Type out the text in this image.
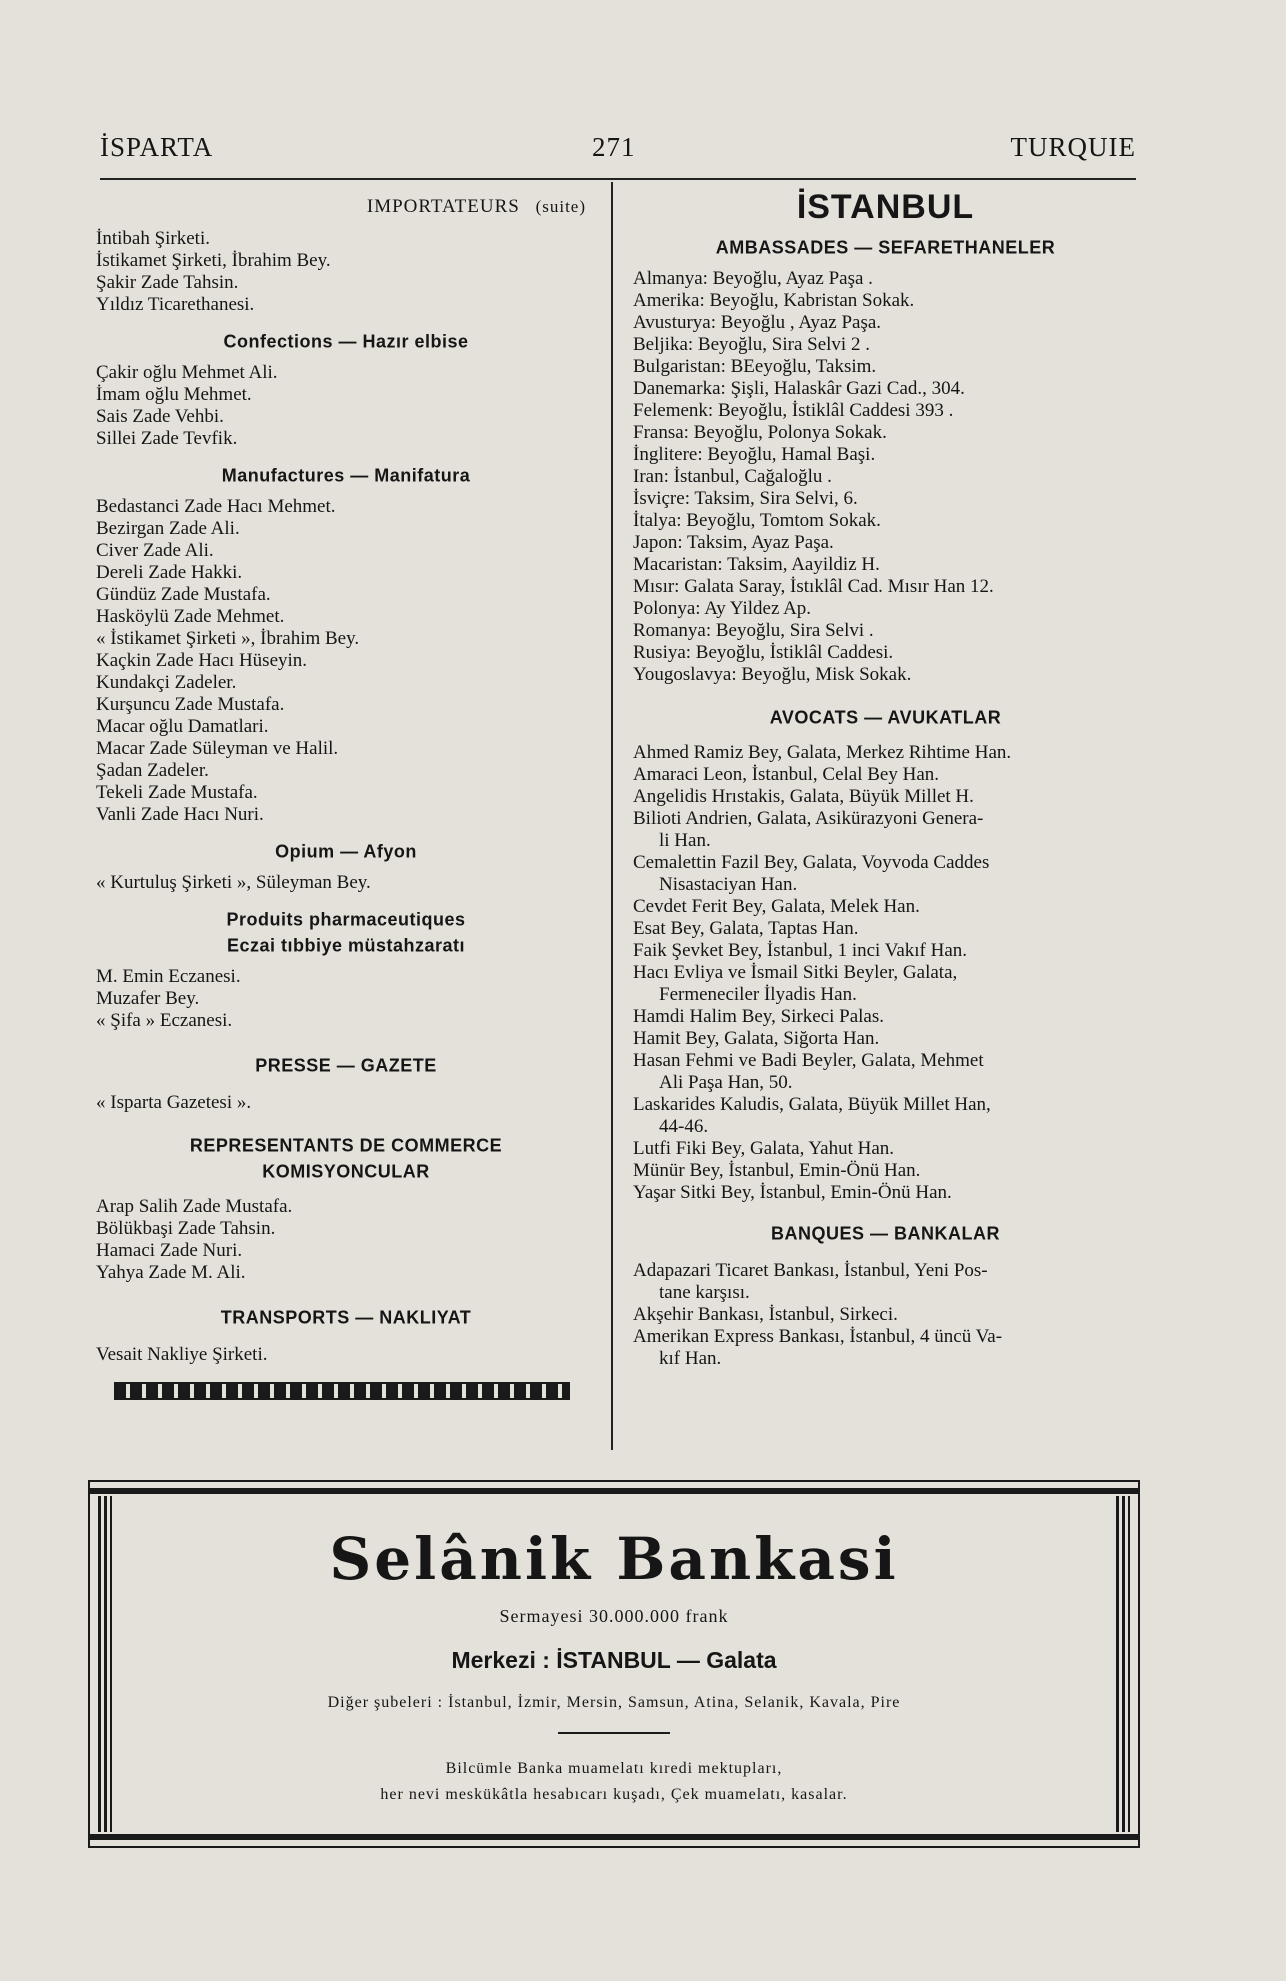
İSPARTA	271	TURQUIE
IMPORTATEURS (suite)
İntibah Şirketi.
İstikamet Şirketi, İbrahim Bey.
Şakir Zade Tahsin.
Yıldız Ticarethanesi.
Confections — Hazır elbise
Çakir oğlu Mehmet Ali.
İmam oğlu Mehmet.
Sais Zade Vehbi.
Sillei Zade Tevfik.
Manufactures — Manifatura
Bedastanci Zade Hacı Mehmet.
Bezirgan Zade Ali.
Civer Zade Ali.
Dereli Zade Hakki.
Gündüz Zade Mustafa.
Hasköylü Zade Mehmet.
« İstikamet Şirketi », İbrahim Bey.
Kaçkin Zade Hacı Hüseyin.
Kundakçi Zadeler.
Kurşuncu Zade Mustafa.
Macar oğlu Damatlari.
Macar Zade Süleyman ve Halil.
Şadan Zadeler.
Tekeli Zade Mustafa.
Vanli Zade Hacı Nuri.
Opium — Afyon
« Kurtuluş Şirketi », Süleyman Bey.
Produits pharmaceutiques
Eczai tıbbiye müstahzaratı
M. Emin Eczanesi.
Muzafer Bey.
« Şifa » Eczanesi.
PRESSE — GAZETE
« Isparta Gazetesi ».
REPRESENTANTS DE COMMERCE
KOMISYONCULAR
Arap Salih Zade Mustafa.
Bölükbaşi Zade Tahsin.
Hamaci Zade Nuri.
Yahya Zade M. Ali.
TRANSPORTS — NAKLIYAT
Vesait Nakliye Şirketi.
İSTANBUL
AMBASSADES — SEFARETHANELER
Almanya: Beyoğlu, Ayaz Paşa .
Amerika: Beyoğlu, Kabristan Sokak.
Avusturya: Beyoğlu , Ayaz Paşa.
Beljika: Beyoğlu, Sira Selvi 2 .
Bulgaristan: BEeyoğlu, Taksim.
Danemarka: Şişli, Halaskâr Gazi Cad., 304.
Felemenk: Beyoğlu, İstiklâl Caddesi 393 .
Fransa: Beyoğlu, Polonya Sokak.
İnglitere: Beyoğlu, Hamal Başi.
Iran: İstanbul, Cağaloğlu .
İsviçre: Taksim, Sira Selvi, 6.
İtalya: Beyoğlu, Tomtom Sokak.
Japon: Taksim, Ayaz Paşa.
Macaristan: Taksim, Aayildiz H.
Mısır: Galata Saray, İstıklâl Cad. Mısır Han 12.
Polonya: Ay Yildez Ap.
Romanya: Beyoğlu, Sira Selvi .
Rusiya: Beyoğlu, İstiklâl Caddesi.
Yougoslavya: Beyoğlu, Misk Sokak.
AVOCATS — AVUKATLAR
Ahmed Ramiz Bey, Galata, Merkez Rihtime Han.
Amaraci Leon, İstanbul, Celal Bey Han.
Angelidis Hrıstakis, Galata, Büyük Millet H.
Bilioti Andrien, Galata, Asikürazyoni Genera-
li Han.
Cemalettin Fazil Bey, Galata, Voyvoda Caddes
Nisastaciyan Han.
Cevdet Ferit Bey, Galata, Melek Han.
Esat Bey, Galata, Taptas Han.
Faik Şevket Bey, İstanbul, 1 inci Vakıf Han.
Hacı Evliya ve İsmail Sitki Beyler, Galata,
Fermeneciler İlyadis Han.
Hamdi Halim Bey, Sirkeci Palas.
Hamit Bey, Galata, Siğorta Han.
Hasan Fehmi ve Badi Beyler, Galata, Mehmet
Ali Paşa Han, 50.
Laskarides Kaludis, Galata, Büyük Millet Han,
44-46.
Lutfi Fiki Bey, Galata, Yahut Han.
Münür Bey, İstanbul, Emin-Önü Han.
Yaşar Sitki Bey, İstanbul, Emin-Önü Han.
BANQUES — BANKALAR
Adapazari Ticaret Bankası, İstanbul, Yeni Pos-
tane karşısı.
Akşehir Bankası, İstanbul, Sirkeci.
Amerikan Express Bankası, İstanbul, 4 üncü Va-
kıf Han.
Selânik Bankasi
Sermayesi 30.000.000 frank
Merkezi : İSTANBUL — Galata
Diğer şubeleri : İstanbul, İzmir, Mersin, Samsun, Atina, Selanik, Kavala, Pire
Bilcümle Banka muamelatı kıredi mektupları,
her nevi meskükâtla hesabıcarı kuşadı, Çek muamelatı, kasalar.
